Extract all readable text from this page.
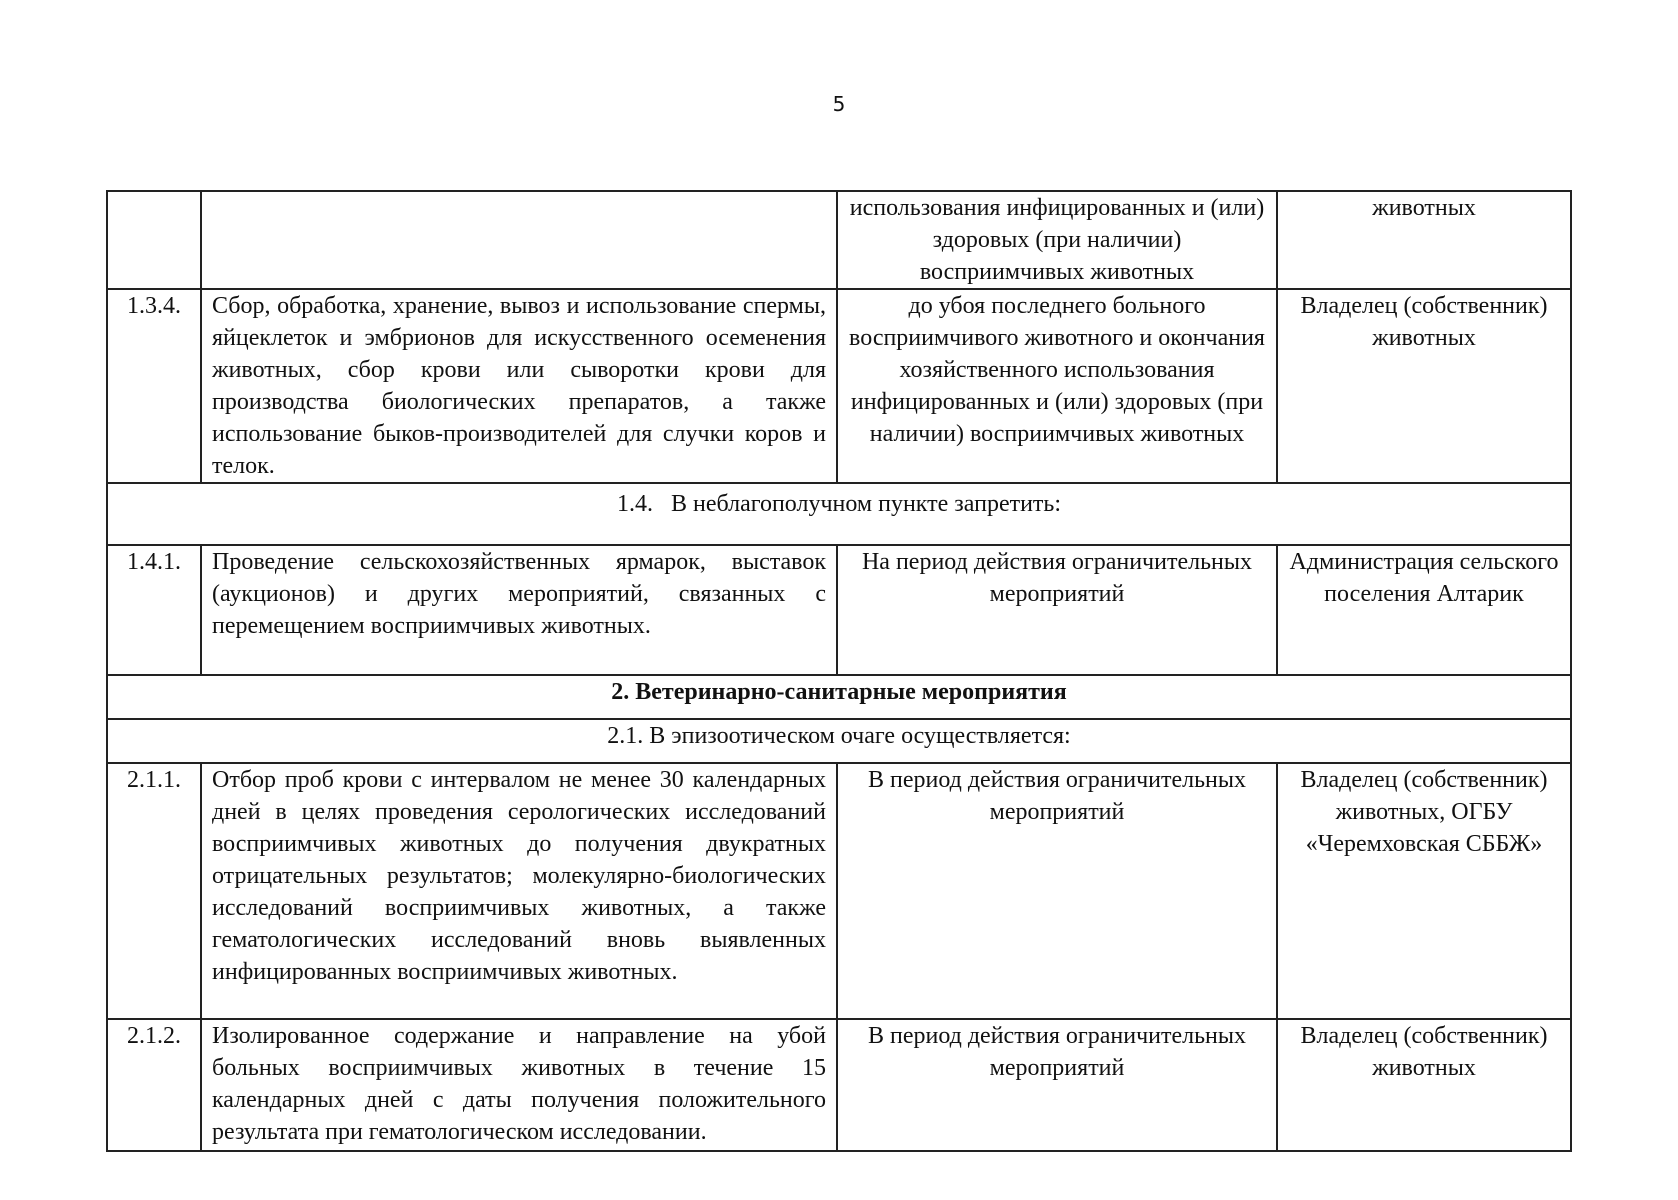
5
		использования инфицированных и (или) здоровых (при наличии) восприимчивых животных	животных
1.3.4.	Сбор, обработка, хранение, вывоз и использование спермы, яйцеклеток и эмбрионов для искусственного осеменения животных, сбор крови или сыворотки крови для производства биологических препаратов, а также использование быков-производителей для случки коров и телок.	до убоя последнего больного восприимчивого животного и окончания хозяйственного использования инфицированных и (или) здоровых (при наличии) восприимчивых животных	Владелец (собственник) животных
1.4.   В неблагополучном пункте запретить:			
1.4.1.	Проведение сельскохозяйственных ярмарок, выставок (аукционов) и других мероприятий, связанных с перемещением восприимчивых животных.	На период действия ограничительных мероприятий	Администрация сельского поселения Алтарик
2. Ветеринарно-санитарные мероприятия			
2.1. В эпизоотическом очаге осуществляется:			
2.1.1.	Отбор проб крови с интервалом не менее 30 календарных дней в целях проведения серологических исследований восприимчивых животных до получения двукратных отрицательных результатов; молекулярно-биологических исследований восприимчивых животных, а также гематологических исследований вновь выявленных инфицированных восприимчивых животных.	В период действия ограничительных мероприятий	Владелец (собственник) животных, ОГБУ «Черемховская СББЖ»
2.1.2.	Изолированное содержание и направление на убой больных восприимчивых животных в течение 15 календарных дней с даты получения положительного результата при гематологическом исследовании.	В период действия ограничительных мероприятий	Владелец (собственник) животных
